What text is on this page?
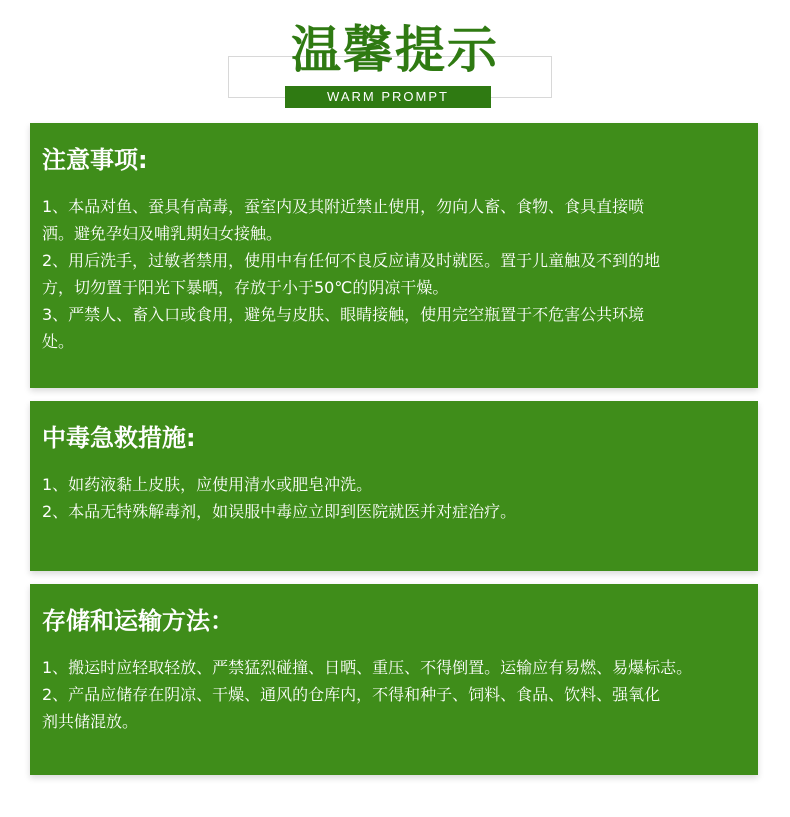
温馨提示
WARM PROMPT
注意事项:
1、本品对鱼、蚕具有高毒，蚕室内及其附近禁止使用，勿向人畜、食物、食具直接喷
洒。避免孕妇及哺乳期妇女接触。
2、用后洗手，过敏者禁用，使用中有任何不良反应请及时就医。置于儿童触及不到的地
方，切勿置于阳光下暴晒，存放于小于50℃的阴凉干燥。
3、严禁人、畜入口或食用，避免与皮肤、眼睛接触，使用完空瓶置于不危害公共环境
处。
中毒急救措施:
1、如药液黏上皮肤，应使用清水或肥皂冲洗。
2、本品无特殊解毒剂，如误服中毒应立即到医院就医并对症治疗。
存储和运输方法：
1、搬运时应轻取轻放、严禁猛烈碰撞、日晒、重压、不得倒置。运输应有易燃、易爆标志。
2、产品应储存在阴凉、干燥、通风的仓库内，不得和种子、饲料、食品、饮料、强氧化
剂共储混放。
